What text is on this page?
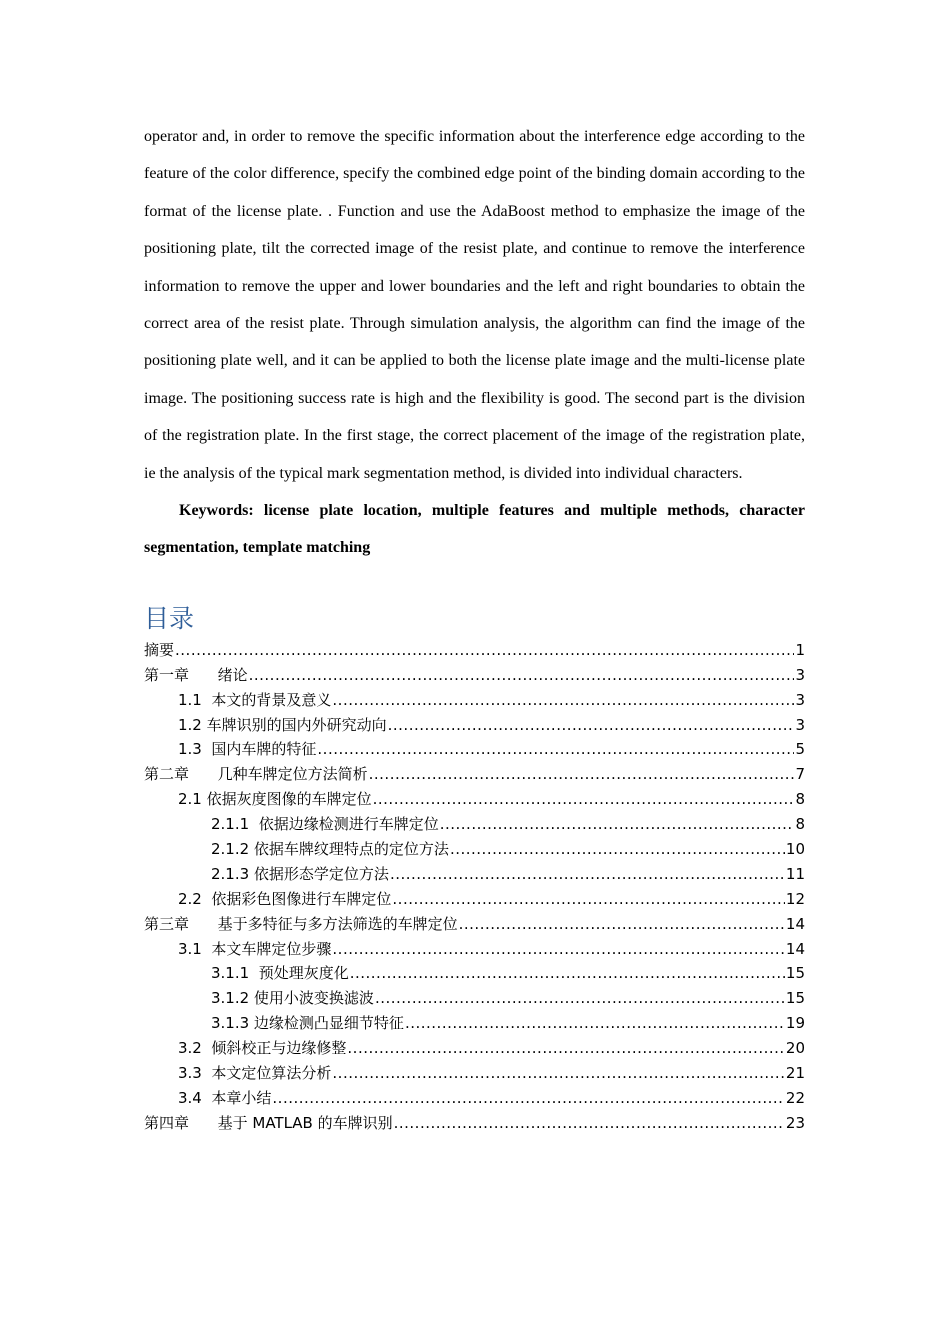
operator and, in order to remove the specific information about the interference edge according to the feature of the color difference, specify the combined edge point of the binding domain according to the format of the license plate. . Function and use the AdaBoost method to emphasize the image of the positioning plate, tilt the corrected image of the resist plate, and continue to remove the interference information to remove the upper and lower boundaries and the left and right boundaries to obtain the correct area of the resist plate. Through simulation analysis, the algorithm can find the image of the positioning plate well, and it can be applied to both the license plate image and the multi-license plate image. The positioning success rate is high and the flexibility is good. The second part is the division of the registration plate. In the first stage, the correct placement of the image of the registration plate, ie the analysis of the typical mark segmentation method, is divided into individual characters.

Keywords: license plate location, multiple features and multiple methods, character segmentation, template matching

目录
摘要 .....	1
第一章      绪论 .....	3
1.1  本文的背景及意义 .....	3
1.2 车牌识别的国内外研究动向 .....	3
1.3  国内车牌的特征 .....	5
第二章      几种车牌定位方法简析 .....	7
2.1 依据灰度图像的车牌定位 .....	8
2.1.1  依据边缘检测进行车牌定位 .....	8
2.1.2 依据车牌纹理特点的定位方法 .....	10
2.1.3 依据形态学定位方法 .....	11
2.2  依据彩色图像进行车牌定位 .....	12
第三章      基于多特征与多方法筛选的车牌定位 .....	14
3.1  本文车牌定位步骤 .....	14
3.1.1  预处理灰度化 .....	15
3.1.2 使用小波变换滤波 .....	15
3.1.3 边缘检测凸显细节特征 .....	19
3.2  倾斜校正与边缘修整 .....	20
3.3  本文定位算法分析 .....	21
3.4  本章小结 .....	22
第四章      基于 MATLAB 的车牌识别 .....	23
